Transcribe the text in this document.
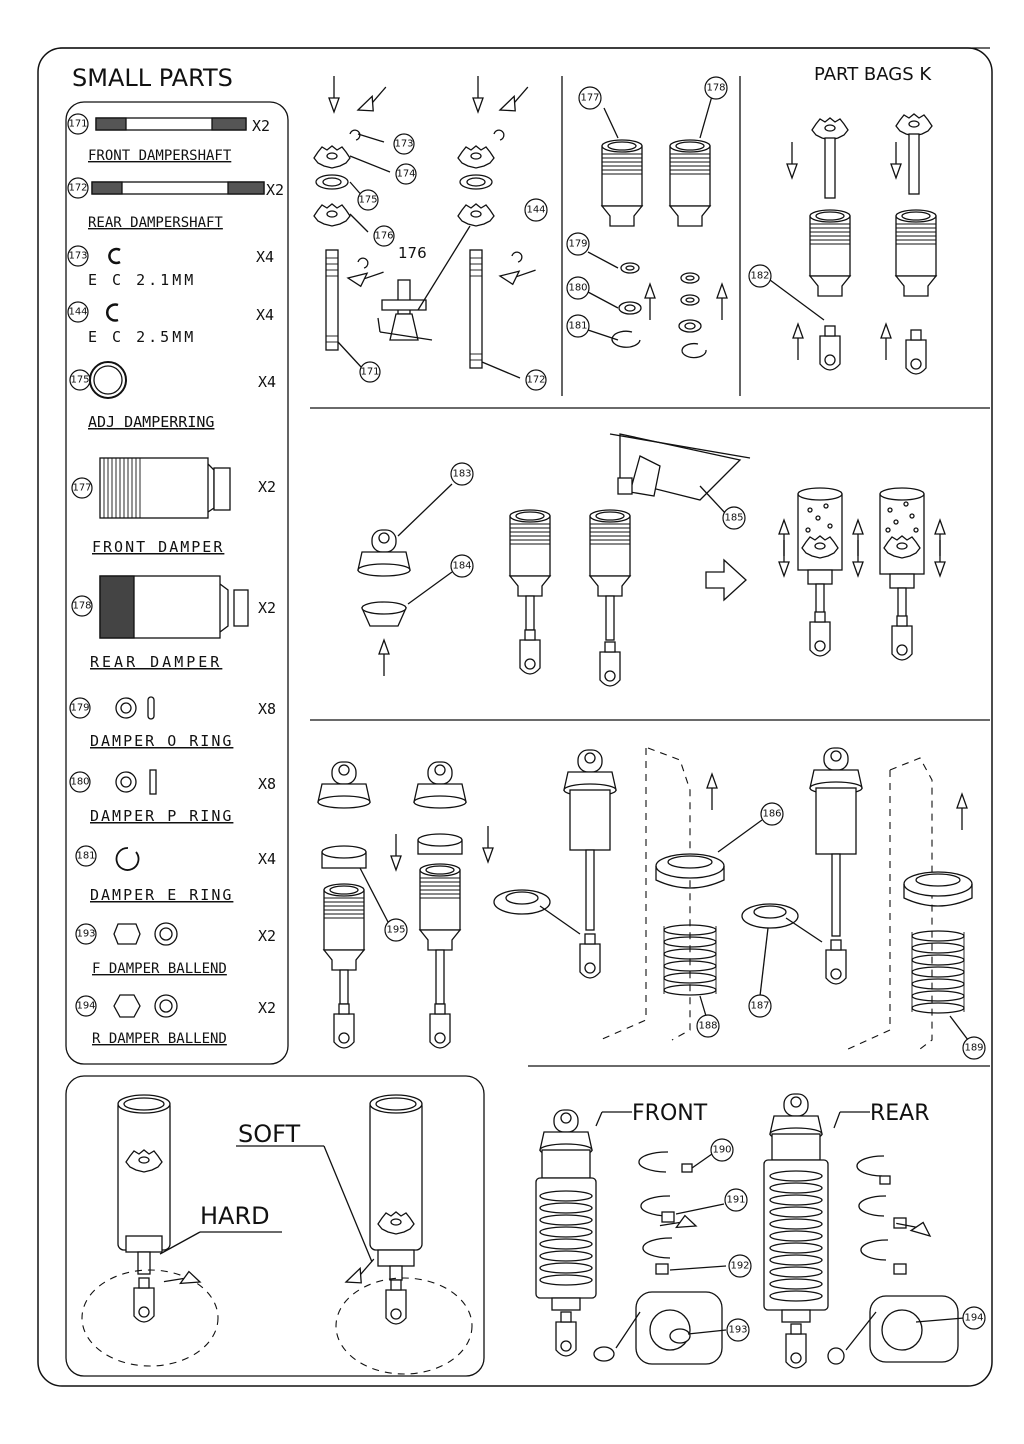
SMALL PARTS	PART BAGS K
171	X2
FRONT DAMPERSHAFT
172	X2
REAR DAMPERSHAFT
173	X4
E C 2.1MM
144	X4
E C 2.5MM
175	X4
ADJ DAMPERRING
177	X2
FRONT DAMPER
178	X2
REAR DAMPER
179	X8
DAMPER O RING
180	X8
DAMPER P RING
181	X4
DAMPER E RING
193	X2
F DAMPER BALLEND
194	X2
R DAMPER BALLEND
176
173
174
175
176
144
171
172
177
178
179
180
181
182
183
184
185
195
186
188
187
189
HARD
SOFT
FRONT
190
191
192
193
REAR
194
